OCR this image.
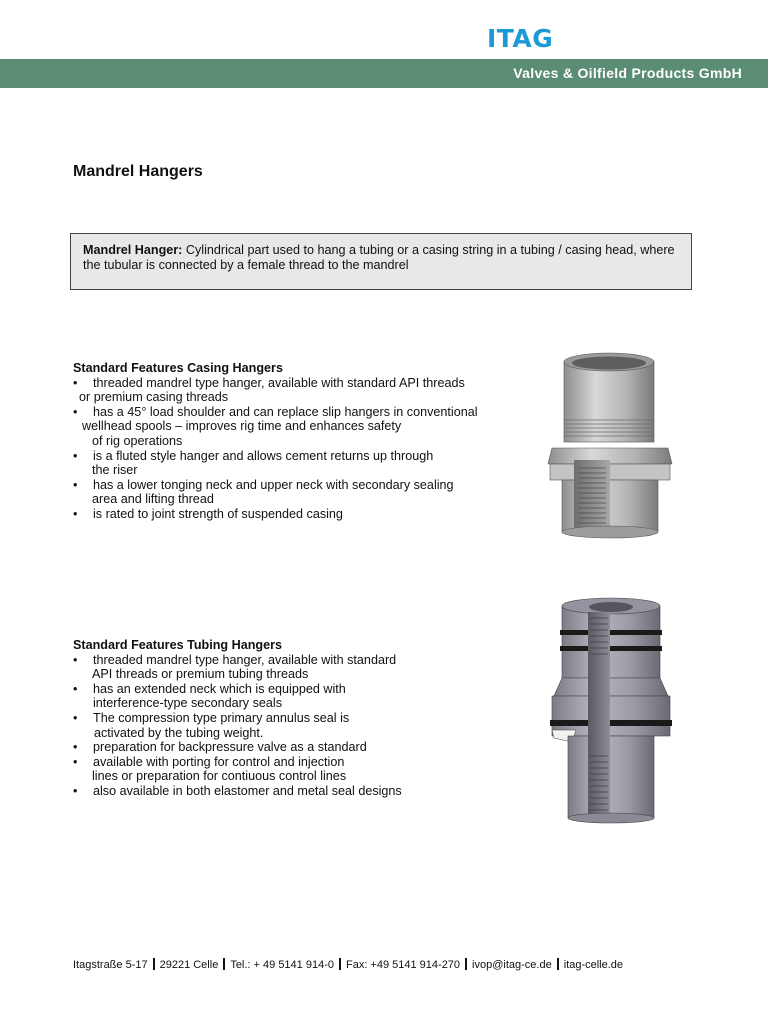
ITAG
Valves & Oilfield Products GmbH
Mandrel Hangers
Mandrel Hanger: Cylindrical part used to hang a tubing or a casing string in a tubing / casing head, where the tubular is connected by a female thread to the mandrel
Standard Features Casing Hangers
• threaded mandrel type hanger, available with standard API threads
or premium casing threads
• has a 45° load shoulder and can replace slip hangers in conventional
wellhead spools – improves rig time and enhances safety
of rig operations
• is a fluted style hanger and allows cement returns up through
the riser
• has a lower tonging neck and upper neck with secondary sealing
area and lifting thread
• is rated to joint strength of suspended casing
Standard Features Tubing Hangers
• threaded mandrel type hanger, available with standard
API threads or premium tubing threads
• has an extended neck which is equipped with
interference-type secondary seals
• The compression type primary annulus seal is
activated by the tubing weight.
• preparation for backpressure valve as a standard
• available with porting for control and injection
lines or preparation for contiuous control lines
• also available in both elastomer and metal seal designs
Itagstraße 5-17 29221 Celle Tel.: + 49 5141 914-0 Fax: +49 5141 914-270 ivop@itag-ce.de itag-celle.de
